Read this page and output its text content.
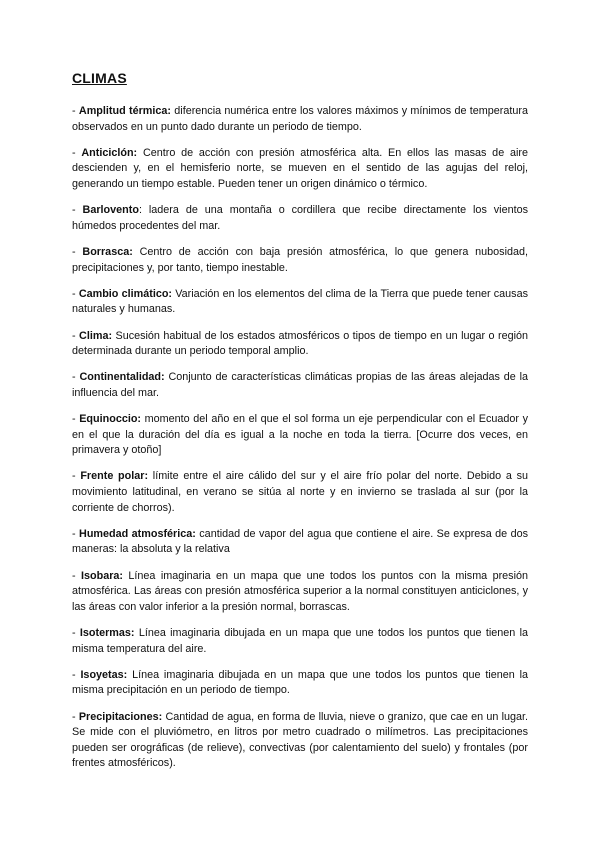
CLIMAS

- Amplitud térmica: diferencia numérica entre los valores máximos y mínimos de temperatura observados en un punto dado durante un periodo de tiempo.

- Anticiclón: Centro de acción con presión atmosférica alta. En ellos las masas de aire descienden y, en el hemisferio norte, se mueven en el sentido de las agujas del reloj, generando un tiempo estable. Pueden tener un origen dinámico o térmico.

- Barlovento: ladera de una montaña o cordillera que recibe directamente los vientos húmedos procedentes del mar.

- Borrasca: Centro de acción con baja presión atmosférica, lo que genera nubosidad, precipitaciones y, por tanto, tiempo inestable.

- Cambio climático: Variación en los elementos del clima de la Tierra que puede tener causas naturales y humanas.

- Clima: Sucesión habitual de los estados atmosféricos o tipos de tiempo en un lugar o región determinada durante un periodo temporal amplio.

- Continentalidad: Conjunto de características climáticas propias de las áreas alejadas de la influencia del mar.

- Equinoccio: momento del año en el que el sol forma un eje perpendicular con el Ecuador y en el que la duración del día es igual a la noche en toda la tierra. [Ocurre dos veces, en primavera y otoño]

- Frente polar: límite entre el aire cálido del sur y el aire frío polar del norte. Debido a su movimiento latitudinal, en verano se sitúa al norte y en invierno se traslada al sur (por la corriente de chorros).

- Humedad atmosférica: cantidad de vapor del agua que contiene el aire. Se expresa de dos maneras: la absoluta y la relativa

- Isobara: Línea imaginaria en un mapa que une todos los puntos con la misma presión atmosférica. Las áreas con presión atmosférica superior a la normal constituyen anticiclones, y las áreas con valor inferior a la presión normal, borrascas.

- Isotermas: Línea imaginaria dibujada en un mapa que une todos los puntos que tienen la misma temperatura del aire.

- Isoyetas: Línea imaginaria dibujada en un mapa que une todos los puntos que tienen la misma precipitación en un periodo de tiempo.

- Precipitaciones: Cantidad de agua, en forma de lluvia, nieve o granizo, que cae en un lugar. Se mide con el pluviómetro, en litros por metro cuadrado o milímetros. Las precipitaciones pueden ser orográficas (de relieve), convectivas (por calentamiento del suelo) y frontales (por frentes atmosféricos).
